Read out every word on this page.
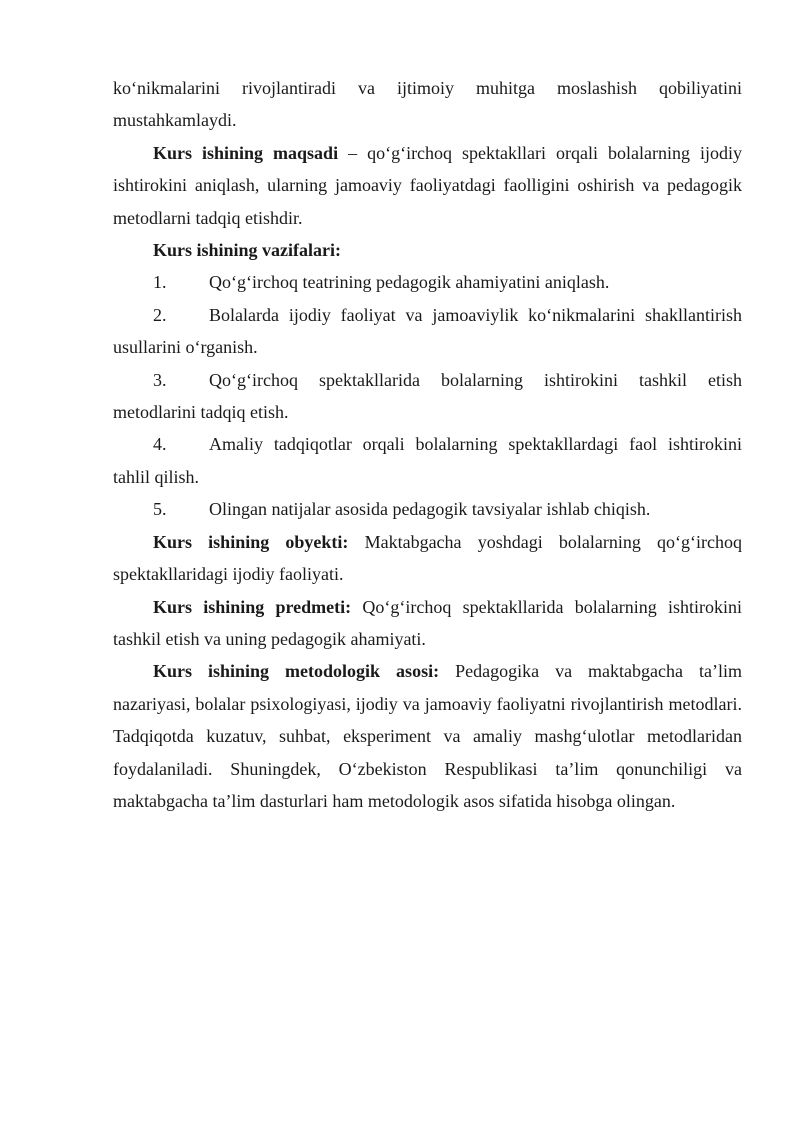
ko‘nikmalarini rivojlantiradi va ijtimoiy muhitga moslashish qobiliyatini mustahkamlaydi.

Kurs ishining maqsadi – qo‘g‘irchoq spektakllari orqali bolalarning ijodiy ishtirokini aniqlash, ularning jamoaviy faoliyatdagi faolligini oshirish va pedagogik metodlarni tadqiq etishdir.

Kurs ishining vazifalari:

1. Qo‘g‘irchoq teatrining pedagogik ahamiyatini aniqlash.

2. Bolalarda ijodiy faoliyat va jamoaviylik ko‘nikmalarini shakllantirish usullarini o‘rganish.

3. Qo‘g‘irchoq spektakllarida bolalarning ishtirokini tashkil etish metodlarini tadqiq etish.

4. Amaliy tadqiqotlar orqali bolalarning spektakllardagi faol ishtirokini tahlil qilish.

5. Olingan natijalar asosida pedagogik tavsiyalar ishlab chiqish.

Kurs ishining obyekti: Maktabgacha yoshdagi bolalarning qo‘g‘irchoq spektakllaridagi ijodiy faoliyati.

Kurs ishining predmeti: Qo‘g‘irchoq spektakllarida bolalarning ishtirokini tashkil etish va uning pedagogik ahamiyati.

Kurs ishining metodologik asosi: Pedagogika va maktabgacha ta’lim nazariyasi, bolalar psixologiyasi, ijodiy va jamoaviy faoliyatni rivojlantirish metodlari. Tadqiqotda kuzatuv, suhbat, eksperiment va amaliy mashg‘ulotlar metodlaridan foydalaniladi. Shuningdek, O‘zbekiston Respublikasi ta’lim qonunchiligi va maktabgacha ta’lim dasturlari ham metodologik asos sifatida hisobga olingan.
